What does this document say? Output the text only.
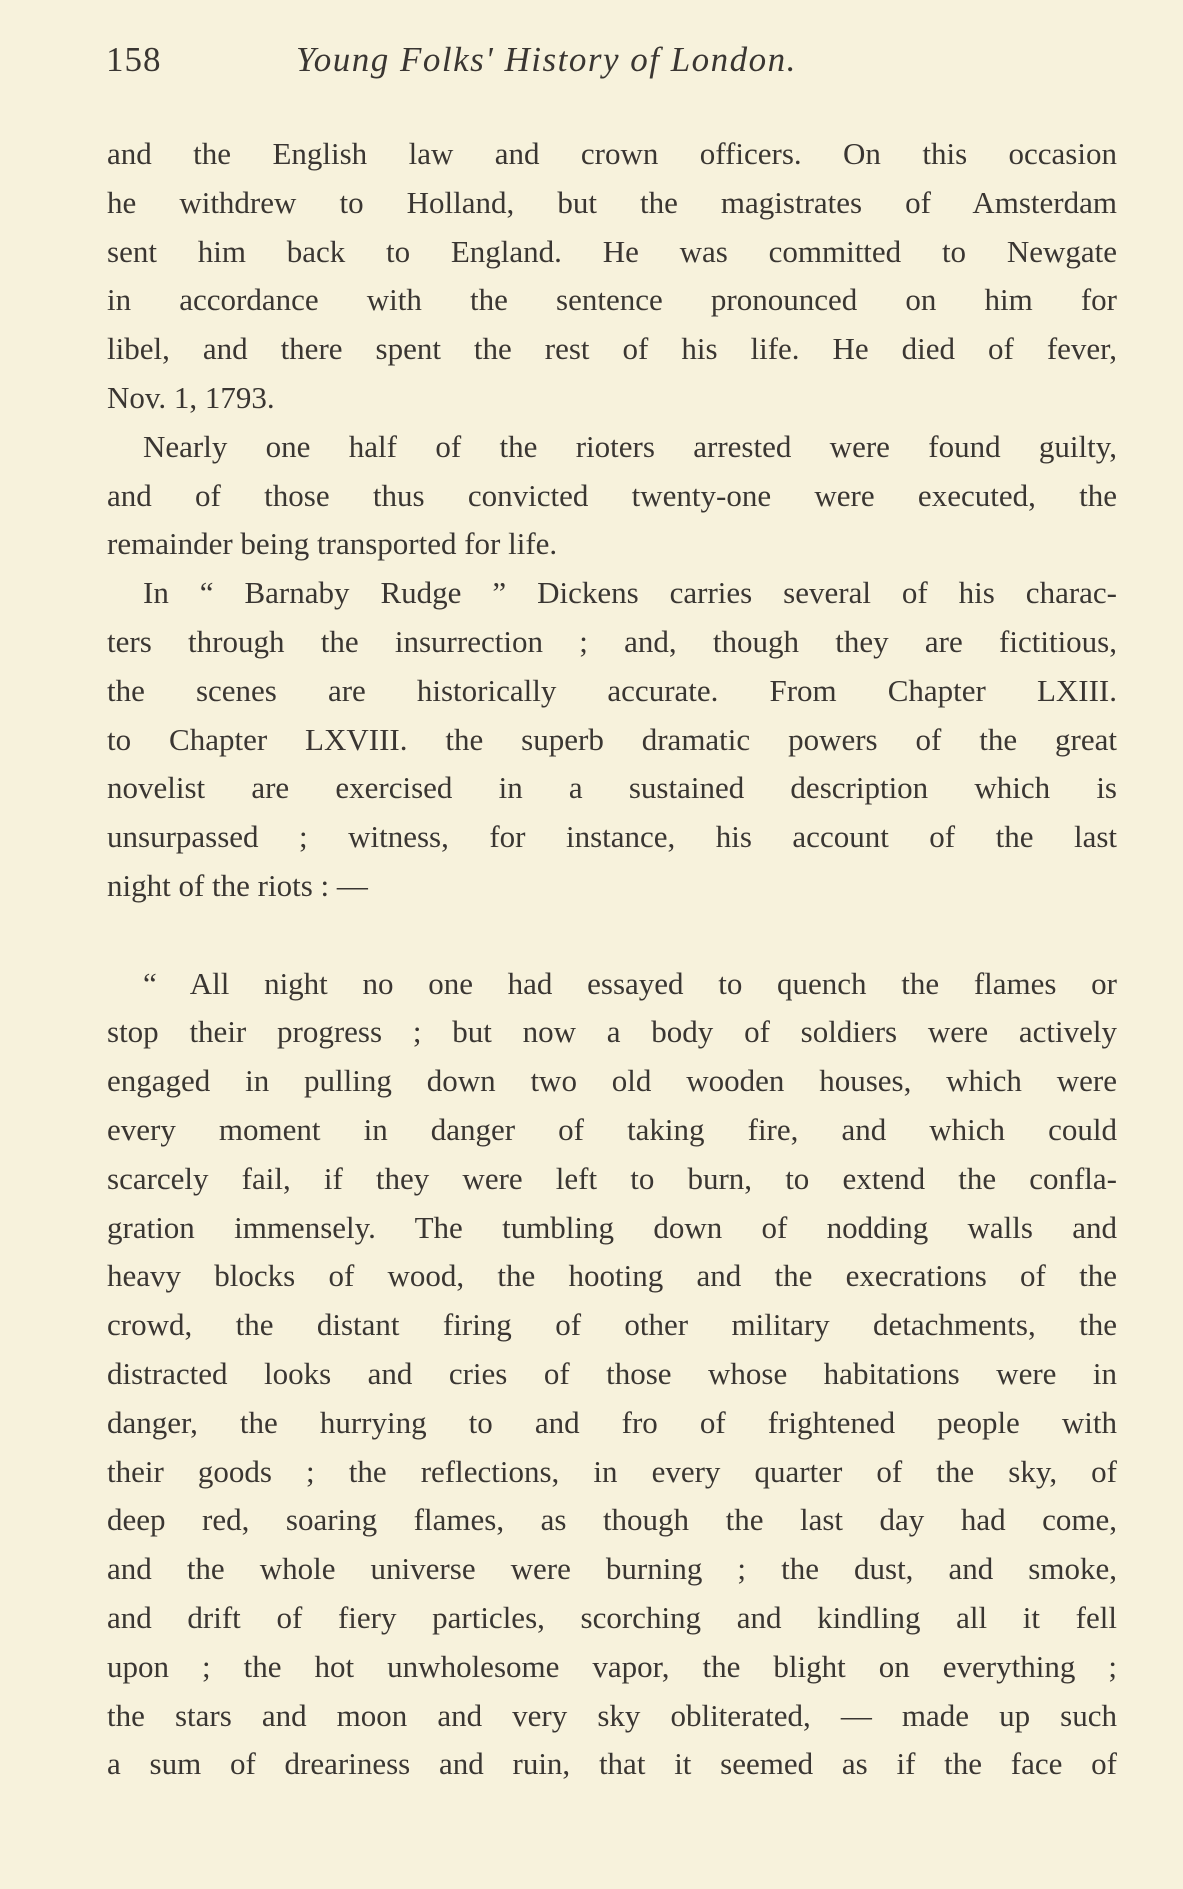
158	Young Folks' History of London.
and the English law and crown officers. On this occasion
he withdrew to Holland, but the magistrates of Amsterdam
sent him back to England. He was committed to Newgate
in accordance with the sentence pronounced on him for
libel, and there spent the rest of his life. He died of fever,
Nov. 1, 1793.
Nearly one half of the rioters arrested were found guilty,
and of those thus convicted twenty-one were executed, the
remainder being transported for life.
In “ Barnaby Rudge ” Dickens carries several of his charac-
ters through the insurrection ; and, though they are fictitious,
the scenes are historically accurate. From Chapter LXIII.
to Chapter LXVIII. the superb dramatic powers of the great
novelist are exercised in a sustained description which is
unsurpassed ; witness, for instance, his account of the last
night of the riots : —
“ All night no one had essayed to quench the flames or
stop their progress ; but now a body of soldiers were actively
engaged in pulling down two old wooden houses, which were
every moment in danger of taking fire, and which could
scarcely fail, if they were left to burn, to extend the confla-
gration immensely. The tumbling down of nodding walls and
heavy blocks of wood, the hooting and the execrations of the
crowd, the distant firing of other military detachments, the
distracted looks and cries of those whose habitations were in
danger, the hurrying to and fro of frightened people with
their goods ; the reflections, in every quarter of the sky, of
deep red, soaring flames, as though the last day had come,
and the whole universe were burning ; the dust, and smoke,
and drift of fiery particles, scorching and kindling all it fell
upon ; the hot unwholesome vapor, the blight on everything ;
the stars and moon and very sky obliterated, — made up such
a sum of dreariness and ruin, that it seemed as if the face of
